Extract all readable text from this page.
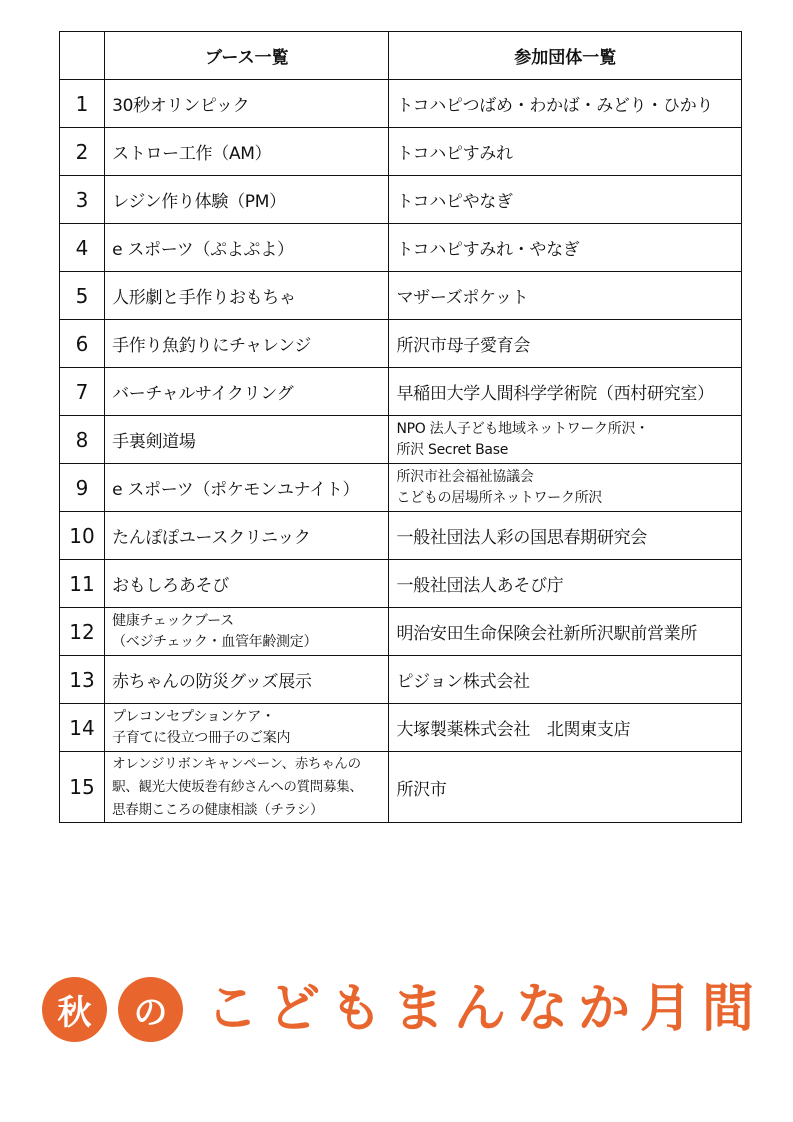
	ブース一覧	参加団体一覧
1	30秒オリンピック	トコハピつばめ・わかば・みどり・ひかり

2	ストロー工作（AM）	トコハピすみれ

3	レジン作り体験（PM）	トコハピやなぎ

4	e スポーツ（ぷよぷよ）	トコハピすみれ・やなぎ

5	人形劇と手作りおもちゃ	マザーズポケット

6	手作り魚釣りにチャレンジ	所沢市母子愛育会

7	バーチャルサイクリング	早稲田大学人間科学学術院（西村研究室）

8	手裏剣道場	NPO 法人子ども地域ネットワーク所沢・
所沢 Secret Base

9	e スポーツ（ポケモンユナイト）	所沢市社会福祉協議会
こどもの居場所ネットワーク所沢

10	たんぽぽユースクリニック	一般社団法人彩の国思春期研究会

11	おもしろあそび	一般社団法人あそび庁

12	健康チェックブース
（ベジチェック・血管年齢測定）	明治安田生命保険会社新所沢駅前営業所

13	赤ちゃんの防災グッズ展示	ピジョン株式会社

14	プレコンセプションケア・
子育てに役立つ冊子のご案内	大塚製薬株式会社　北関東支店

15	オレンジリボンキャンペーン、赤ちゃんの
駅、観光大使坂巻有紗さんへの質問募集、
思春期こころの健康相談（チラシ）	所沢市
秋	の こどもまんなか月間
